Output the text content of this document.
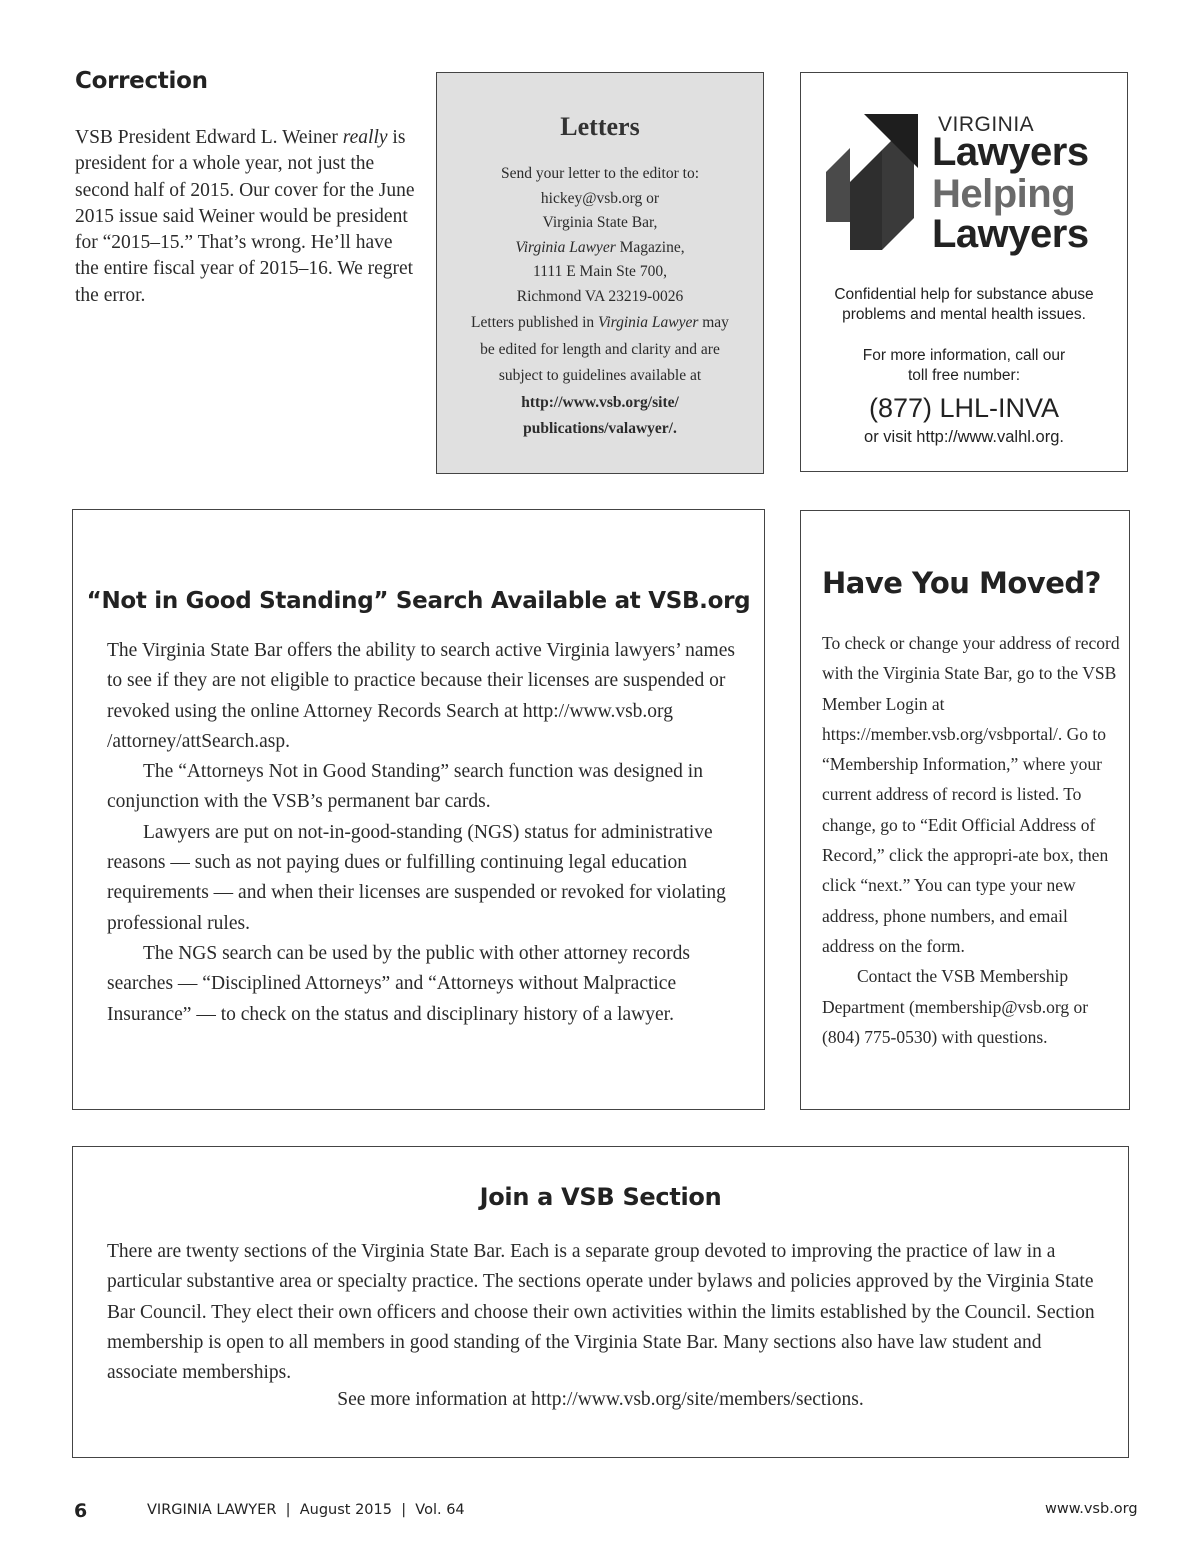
Correction
VSB President Edward L. Weiner really is president for a whole year, not just the second half of 2015. Our cover for the June 2015 issue said Weiner would be president for “2015–15.” That’s wrong. He’ll have the entire fiscal year of 2015–16. We regret the error.
Letters
Send your letter to the editor to:
hickey@vsb.org or
Virginia State Bar,
Virginia Lawyer Magazine,
1111 E Main Ste 700,
Richmond VA 23219-0026
Letters published in Virginia Lawyer may
be edited for length and clarity and are
subject to guidelines available at
http://www.vsb.org/site/
publications/valawyer/.
VIRGINIA
Lawyers
Helping
Lawyers
Confidential help for substance abuse
problems and mental health issues.
For more information, call our
toll free number:
(877) LHL-INVA
or visit http://www.valhl.org.
“Not in Good Standing” Search Available at VSB.org

The Virginia State Bar offers the ability to search active Virginia lawyers’ names to see if they are not eligible to practice because their licenses are suspended or revoked using the online Attorney Records Search at http://www.vsb.org /attorney/attSearch.asp.

The “Attorneys Not in Good Standing” search function was designed in conjunction with the VSB’s permanent bar cards.

Lawyers are put on not-in-good-standing (NGS) status for administrative reasons — such as not paying dues or fulfilling continuing legal education requirements — and when their licenses are suspended or revoked for violating professional rules.

The NGS search can be used by the public with other attorney records searches — “Disciplined Attorneys” and “Attorneys without Malpractice Insurance” — to check on the status and disciplinary history of a lawyer.

Have You Moved?

To check or change your address of record with the Virginia State Bar, go to the VSB Member Login at https://member.vsb.org/vsbportal/. Go to “Membership Information,” where your current address of record is listed. To change, go to “Edit Official Address of Record,” click the appropri-ate box, then click “next.” You can type your new address, phone numbers, and email address on the form.

Contact the VSB Membership Department (membership@vsb.org or (804) 775-0530) with questions.

Join a VSB Section

There are twenty sections of the Virginia State Bar. Each is a separate group devoted to improving the practice of law in a particular substantive area or specialty practice. The sections operate under bylaws and policies approved by the Virginia State Bar Council. They elect their own officers and choose their own activities within the limits established by the Council. Section membership is open to all members in good standing of the Virginia State Bar. Many sections also have law student and associate memberships.

See more information at http://www.vsb.org/site/members/sections.
6	VIRGINIA LAWYER  |  August 2015  |  Vol. 64	www.vsb.org
